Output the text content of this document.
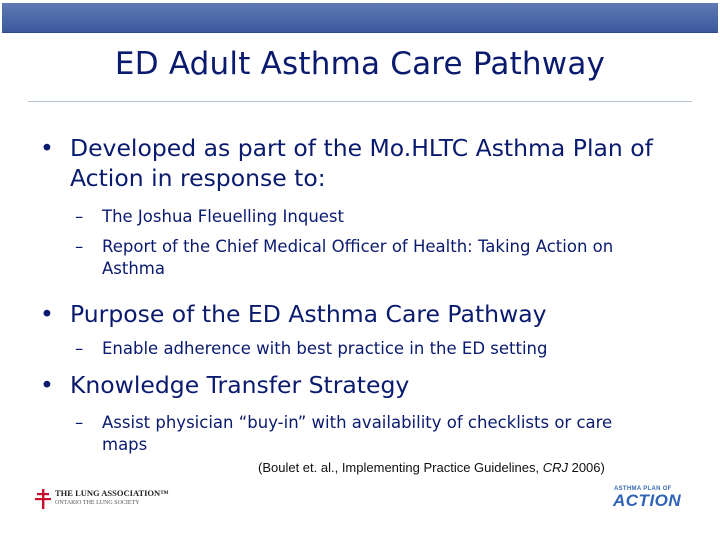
ED Adult Asthma Care Pathway
• Developed as part of the Mo.HLTC Asthma Plan of Action in response to:
– The Joshua Fleuelling Inquest
– Report of the Chief Medical Officer of Health: Taking Action on Asthma
• Purpose of the ED Asthma Care Pathway
– Enable adherence with best practice in the ED setting
• Knowledge Transfer Strategy
– Assist physician “buy-in” with availability of checklists or care maps
(Boulet et. al., Implementing Practice Guidelines, CRJ 2006)
THE LUNG ASSOCIATION™
ONTARIO THE LUNG SOCIETY
ASTHMA PLAN OF
ACTION
